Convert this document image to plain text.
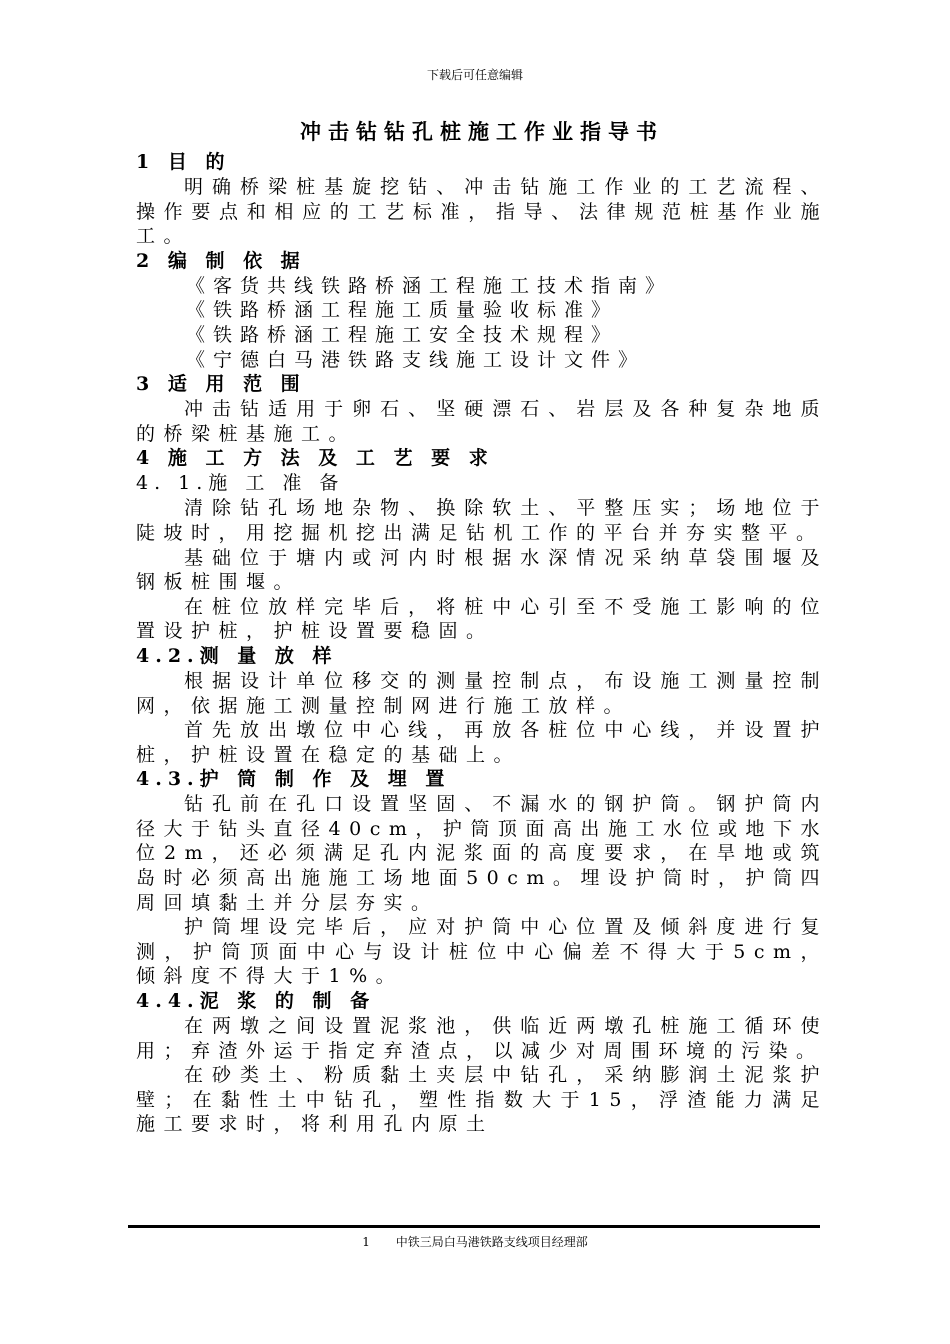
下载后可任意编辑
冲击钻钻孔桩施工作业指导书
1 目 的

明确桥梁桩基旋挖钻、冲击钻施工作业的工艺流程、操作要点和相应的工艺标准，指导、法律规范桩基作业施工。

2 编 制 依 据
《客货共线铁路桥涵工程施工技术指南》
《铁路桥涵工程施工质量验收标准》
《铁路桥涵工程施工安全技术规程》
《宁德白马港铁路支线施工设计文件》
3 适 用 范 围

冲击钻适用于卵石、坚硬漂石、岩层及各种复杂地质的桥梁桩基施工。

4 施 工 方 法 及 工 艺 要 求
4. 1.施 工 准 备

清除钻孔场地杂物、换除软土、平整压实；场地位于陡坡时，用挖掘机挖出满足钻机工作的平台并夯实整平。

基础位于塘内或河内时根据水深情况采纳草袋围堰及钢板桩围堰。

在桩位放样完毕后，将桩中心引至不受施工影响的位置设护桩，护桩设置要稳固。

4.2.测 量 放 样

根据设计单位移交的测量控制点，布设施工测量控制网，依据施工测量控制网进行施工放样。

首先放出墩位中心线，再放各桩位中心线，并设置护桩，护桩设置在稳定的基础上。

4.3.护 筒 制 作 及 埋 置

钻孔前在孔口设置坚固、不漏水的钢护筒。钢护筒内径大于钻头直径40cm，护筒顶面高出施工水位或地下水位2m，还必须满足孔内泥浆面的高度要求，在旱地或筑岛时必须高出施施工场地面50cm。埋设护筒时，护筒四周回填黏土并分层夯实。

护筒埋设完毕后，应对护筒中心位置及倾斜度进行复测，护筒顶面中心与设计桩位中心偏差不得大于5cm，倾斜度不得大于1%。

4.4.泥 浆 的 制 备

在两墩之间设置泥浆池，供临近两墩孔桩施工循环使用；弃渣外运于指定弃渣点，以减少对周围环境的污染。

在砂类土、粉质黏土夹层中钻孔，采纳膨润土泥浆护壁；在黏性土中钻孔，塑性指数大于15，浮渣能力满足施工要求时，将利用孔内原土

1 中铁三局白马港铁路支线项目经理部
